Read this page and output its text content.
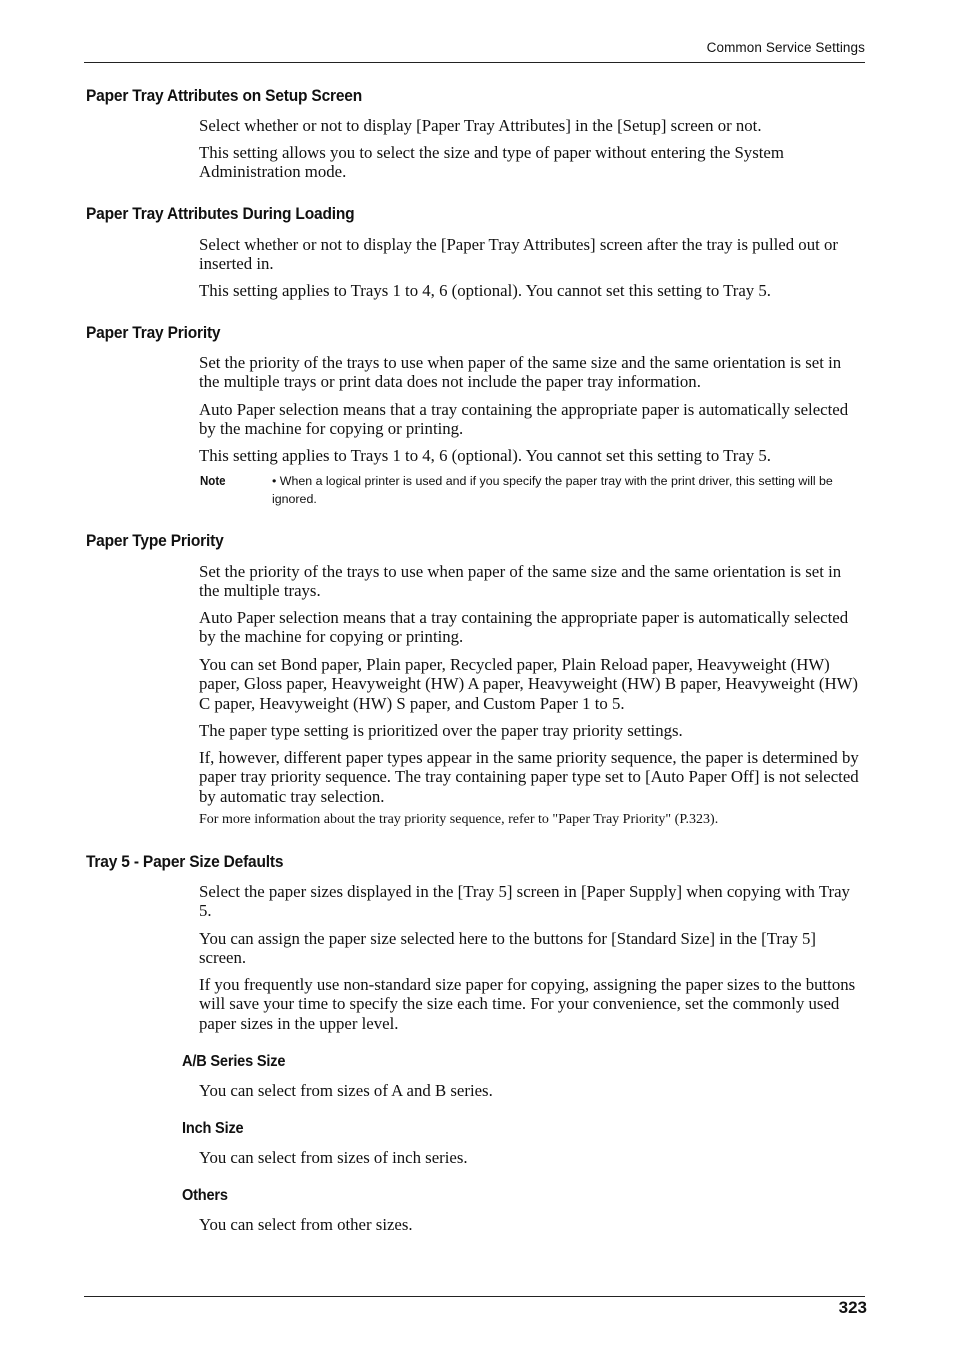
Common Service Settings
Paper Tray Attributes on Setup Screen
Select whether or not to display [Paper Tray Attributes] in the [Setup] screen or not.
This setting allows you to select the size and type of paper without entering the System Administration mode.
Paper Tray Attributes During Loading
Select whether or not to display the [Paper Tray Attributes] screen after the tray is pulled out or inserted in.
This setting applies to Trays 1 to 4, 6 (optional). You cannot set this setting to Tray 5.
Paper Tray Priority
Set the priority of the trays to use when paper of the same size and the same orientation is set in the multiple trays or print data does not include the paper tray information.
Auto Paper selection means that a tray containing the appropriate paper is automatically selected by the machine for copying or printing.
This setting applies to Trays 1 to 4, 6 (optional). You cannot set this setting to Tray 5.
Note	• When a logical printer is used and if you specify the paper tray with the print driver, this setting will be ignored.
Paper Type Priority
Set the priority of the trays to use when paper of the same size and the same orientation is set in the multiple trays.
Auto Paper selection means that a tray containing the appropriate paper is automatically selected by the machine for copying or printing.
You can set Bond paper, Plain paper, Recycled paper, Plain Reload paper, Heavyweight (HW) paper, Gloss paper, Heavyweight (HW) A paper, Heavyweight (HW) B paper, Heavyweight (HW) C paper, Heavyweight (HW) S paper, and Custom Paper 1 to 5.
The paper type setting is prioritized over the paper tray priority settings.
If, however, different paper types appear in the same priority sequence, the paper is determined by paper tray priority sequence. The tray containing paper type set to [Auto Paper Off] is not selected by automatic tray selection.
For more information about the tray priority sequence, refer to "Paper Tray Priority" (P.323).
Tray 5 - Paper Size Defaults
Select the paper sizes displayed in the [Tray 5] screen in [Paper Supply] when copying with Tray 5.
You can assign the paper size selected here to the buttons for [Standard Size] in the [Tray 5] screen.
If you frequently use non-standard size paper for copying, assigning the paper sizes to the buttons will save your time to specify the size each time. For your convenience, set the commonly used paper sizes in the upper level.
A/B Series Size
You can select from sizes of A and B series.
Inch Size
You can select from sizes of inch series.
Others
You can select from other sizes.
323
